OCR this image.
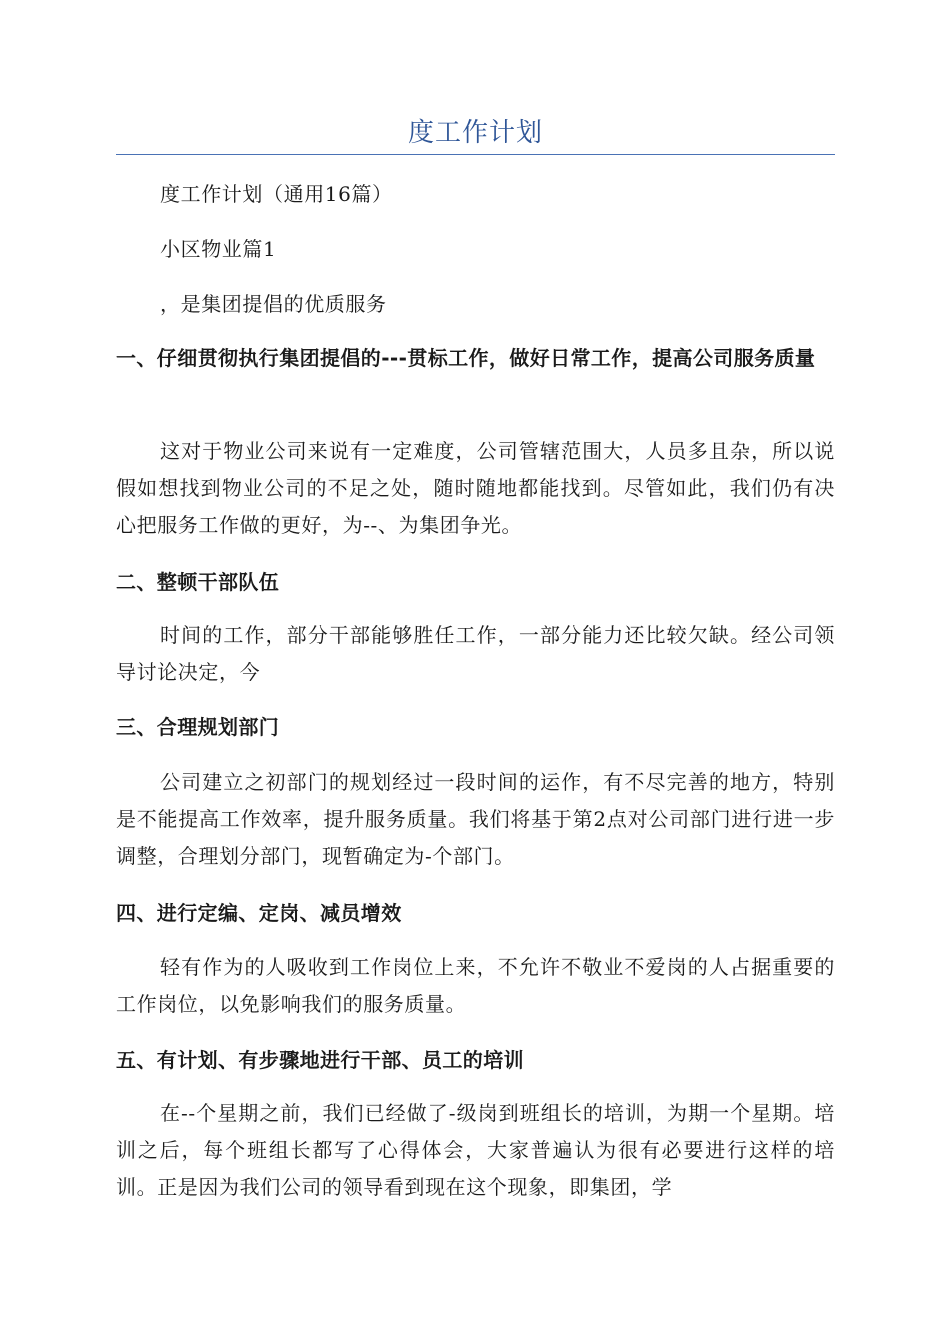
度工作计划

度工作计划（通用16篇）

小区物业篇1

，是集团提倡的优质服务

一、仔细贯彻执行集团提倡的---贯标工作，做好日常工作，提高公司服务质量

这对于物业公司来说有一定难度，公司管辖范围大，人员多且杂，所以说假如想找到物业公司的不足之处，随时随地都能找到。尽管如此，我们仍有决心把服务工作做的更好，为--、为集团争光。

二、整顿干部队伍

时间的工作，部分干部能够胜任工作，一部分能力还比较欠缺。经公司领导讨论决定，今

三、合理规划部门

公司建立之初部门的规划经过一段时间的运作，有不尽完善的地方，特别是不能提高工作效率，提升服务质量。我们将基于第2点对公司部门进行进一步调整，合理划分部门，现暂确定为-个部门。

四、进行定编、定岗、减员增效

轻有作为的人吸收到工作岗位上来，不允许不敬业不爱岗的人占据重要的工作岗位，以免影响我们的服务质量。

五、有计划、有步骤地进行干部、员工的培训

在--个星期之前，我们已经做了-级岗到班组长的培训，为期一个星期。培训之后，每个班组长都写了心得体会，大家普遍认为很有必要进行这样的培训。正是因为我们公司的领导看到现在这个现象，即集团，学
